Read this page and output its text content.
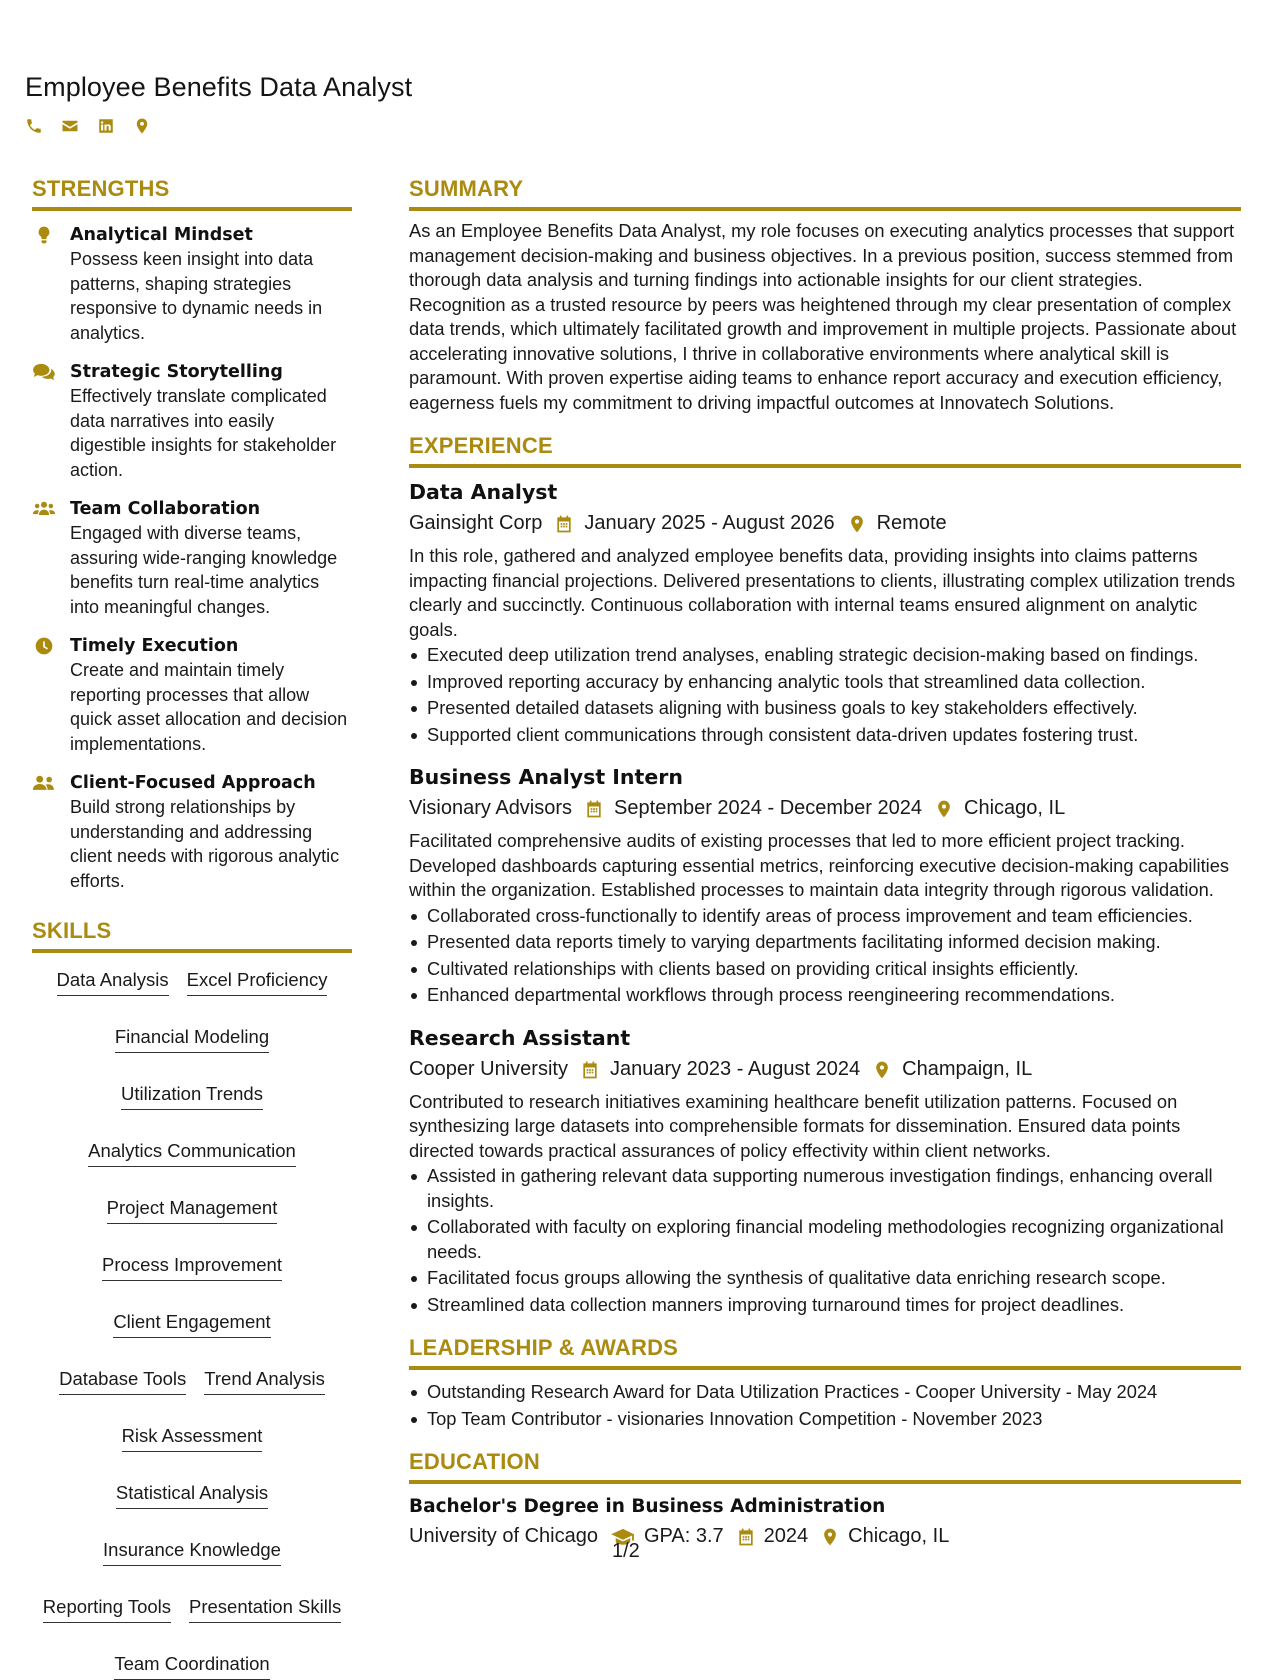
Employee Benefits Data Analyst
STRENGTHS
Analytical Mindset
Possess keen insight into data patterns, shaping strategies responsive to dynamic needs in analytics.
Strategic Storytelling
Effectively translate complicated data narratives into easily digestible insights for stakeholder action.
Team Collaboration
Engaged with diverse teams, assuring wide-ranging knowledge benefits turn real-time analytics into meaningful changes.
Timely Execution
Create and maintain timely reporting processes that allow quick asset allocation and decision implementations.
Client-Focused Approach
Build strong relationships by understanding and addressing client needs with rigorous analytic efforts.
SKILLS
Data Analysis Excel Proficiency
Financial Modeling
Utilization Trends
Analytics Communication
Project Management
Process Improvement
Client Engagement
Database Tools Trend Analysis
Risk Assessment
Statistical Analysis
Insurance Knowledge
Reporting Tools Presentation Skills
Team Coordination
SUMMARY
As an Employee Benefits Data Analyst, my role focuses on executing analytics processes that support management decision-making and business objectives. In a previous position, success stemmed from thorough data analysis and turning findings into actionable insights for our client strategies. Recognition as a trusted resource by peers was heightened through my clear presentation of complex data trends, which ultimately facilitated growth and improvement in multiple projects. Passionate about accelerating innovative solutions, I thrive in collaborative environments where analytical skill is paramount. With proven expertise aiding teams to enhance report accuracy and execution efficiency, eagerness fuels my commitment to driving impactful outcomes at Innovatech Solutions.
EXPERIENCE
Data Analyst
Gainsight Corp January 2025 - August 2026 Remote
In this role, gathered and analyzed employee benefits data, providing insights into claims patterns impacting financial projections. Delivered presentations to clients, illustrating complex utilization trends clearly and succinctly. Continuous collaboration with internal teams ensured alignment on analytic goals.
Executed deep utilization trend analyses, enabling strategic decision-making based on findings.
Improved reporting accuracy by enhancing analytic tools that streamlined data collection.
Presented detailed datasets aligning with business goals to key stakeholders effectively.
Supported client communications through consistent data-driven updates fostering trust.
Business Analyst Intern
Visionary Advisors September 2024 - December 2024 Chicago, IL
Facilitated comprehensive audits of existing processes that led to more efficient project tracking. Developed dashboards capturing essential metrics, reinforcing executive decision-making capabilities within the organization. Established processes to maintain data integrity through rigorous validation.
Collaborated cross-functionally to identify areas of process improvement and team efficiencies.
Presented data reports timely to varying departments facilitating informed decision making.
Cultivated relationships with clients based on providing critical insights efficiently.
Enhanced departmental workflows through process reengineering recommendations.
Research Assistant
Cooper University January 2023 - August 2024 Champaign, IL
Contributed to research initiatives examining healthcare benefit utilization patterns. Focused on synthesizing large datasets into comprehensible formats for dissemination. Ensured data points directed towards practical assurances of policy effectivity within client networks.
Assisted in gathering relevant data supporting numerous investigation findings, enhancing overall insights.
Collaborated with faculty on exploring financial modeling methodologies recognizing organizational needs.
Facilitated focus groups allowing the synthesis of qualitative data enriching research scope.
Streamlined data collection manners improving turnaround times for project deadlines.
LEADERSHIP & AWARDS
Outstanding Research Award for Data Utilization Practices - Cooper University - May 2024
Top Team Contributor - visionaries Innovation Competition - November 2023
EDUCATION
Bachelor's Degree in Business Administration
University of Chicago GPA: 3.7 2024 Chicago, IL
1/2
